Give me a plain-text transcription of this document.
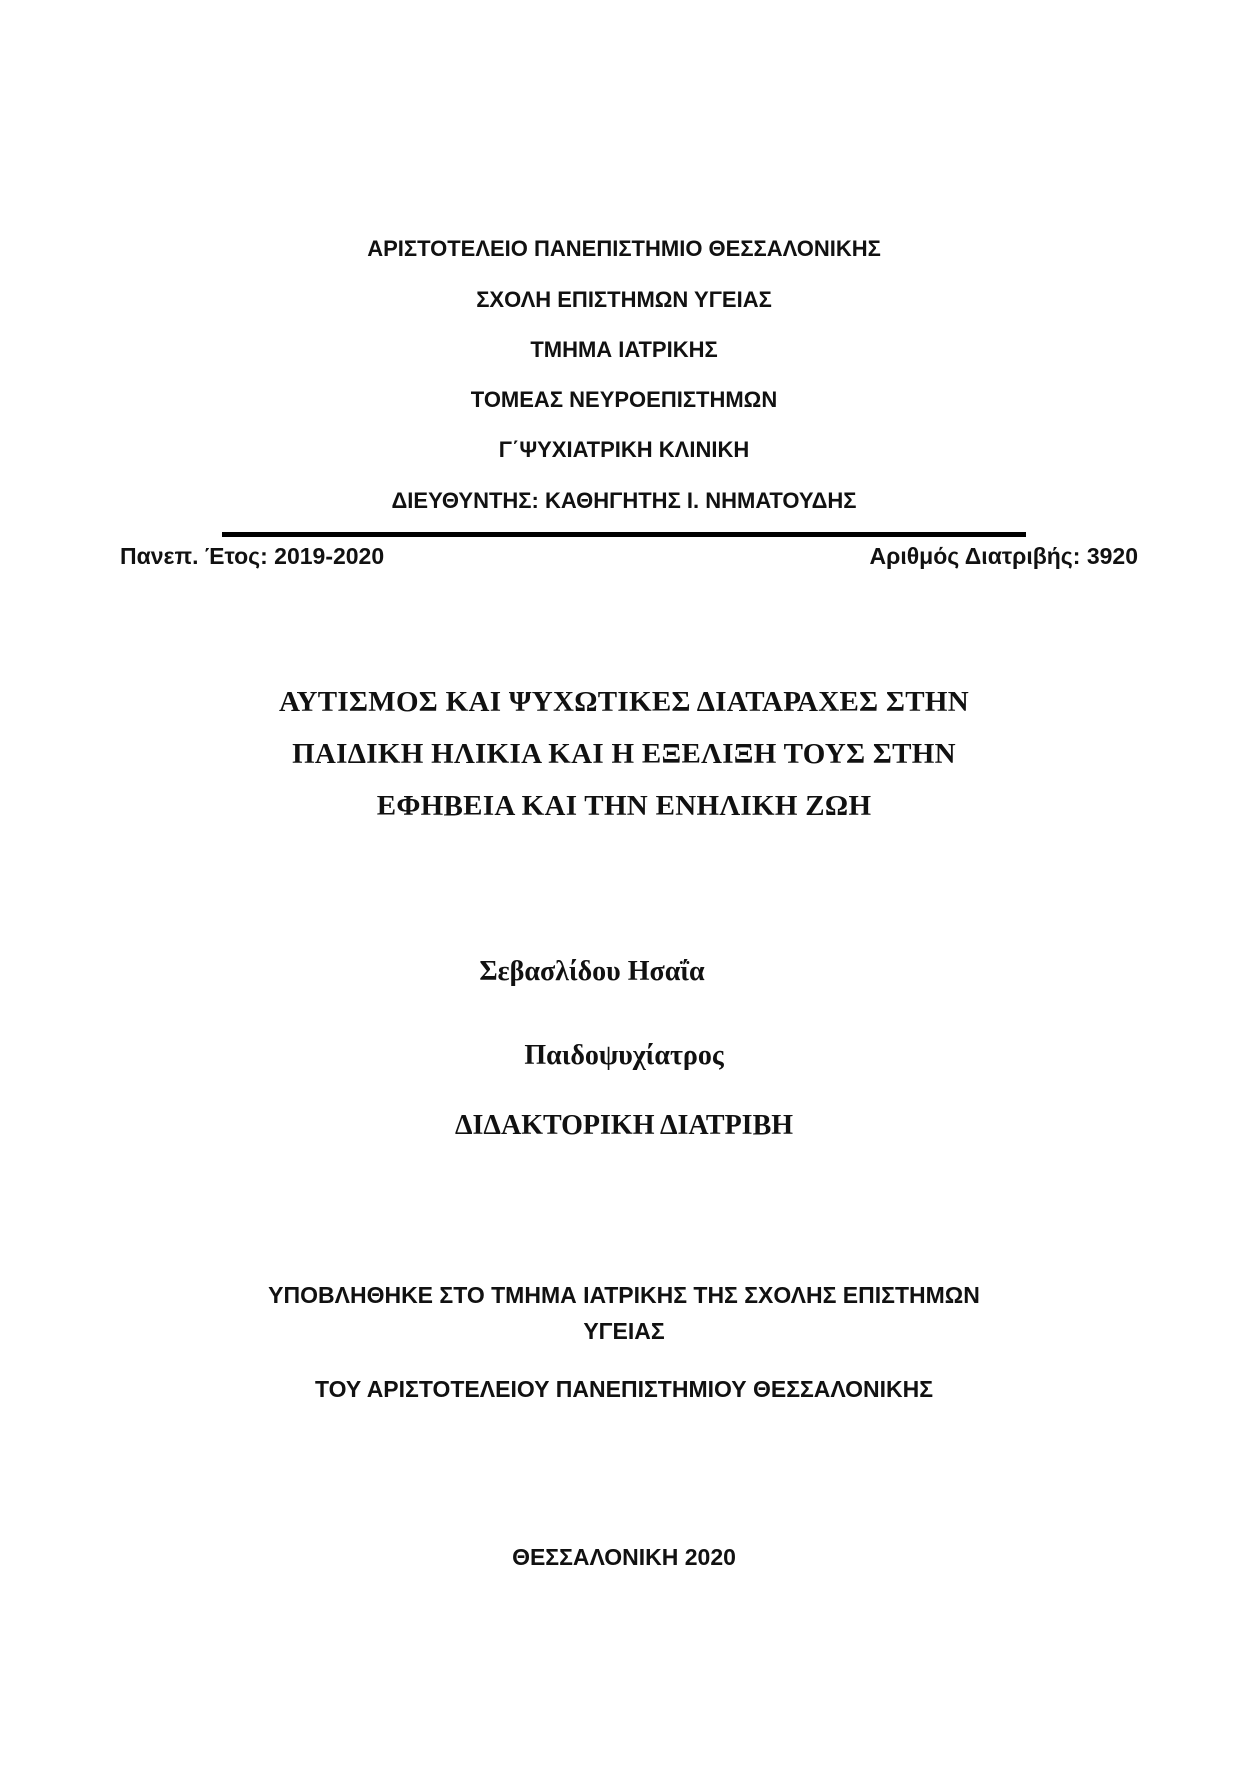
ΑΡΙΣΤΟΤΕΛΕΙΟ ΠΑΝΕΠΙΣΤΗΜΙΟ ΘΕΣΣΑΛΟΝΙΚΗΣ
ΣΧΟΛΗ ΕΠΙΣΤΗΜΩΝ ΥΓΕΙΑΣ
ΤΜΗΜΑ ΙΑΤΡΙΚΗΣ
ΤΟΜΕΑΣ ΝΕΥΡΟΕΠΙΣΤΗΜΩΝ
Γ΄ΨΥΧΙΑΤΡΙΚΗ ΚΛΙΝΙΚΗ
ΔΙΕΥΘΥΝΤΗΣ: ΚΑΘΗΓΗΤΗΣ Ι. ΝΗΜΑΤΟΥΔΗΣ
Πανεπ. Έτος: 2019-2020	Αριθμός Διατριβής: 3920
ΑΥΤΙΣΜΟΣ ΚΑΙ ΨΥΧΩΤΙΚΕΣ ΔΙΑΤΑΡΑΧΕΣ ΣΤΗΝ
ΠΑΙΔΙΚΗ ΗΛΙΚΙΑ ΚΑΙ Η ΕΞΕΛΙΞΗ ΤΟΥΣ ΣΤΗΝ
ΕΦΗΒΕΙΑ ΚΑΙ ΤΗΝ ΕΝΗΛΙΚΗ ΖΩΗ
Σεβασλίδου Ησαΐα
Παιδοψυχίατρος
ΔΙΔΑΚΤΟΡΙΚΗ ΔΙΑΤΡΙΒΗ
ΥΠΟΒΛΗΘΗΚΕ ΣΤΟ ΤΜΗΜΑ ΙΑΤΡΙΚΗΣ ΤΗΣ ΣΧΟΛΗΣ ΕΠΙΣΤΗΜΩΝ
ΥΓΕΙΑΣ
ΤΟΥ ΑΡΙΣΤΟΤΕΛΕΙΟΥ ΠΑΝΕΠΙΣΤΗΜΙΟΥ ΘΕΣΣΑΛΟΝΙΚΗΣ
ΘΕΣΣΑΛΟΝΙΚΗ 2020
